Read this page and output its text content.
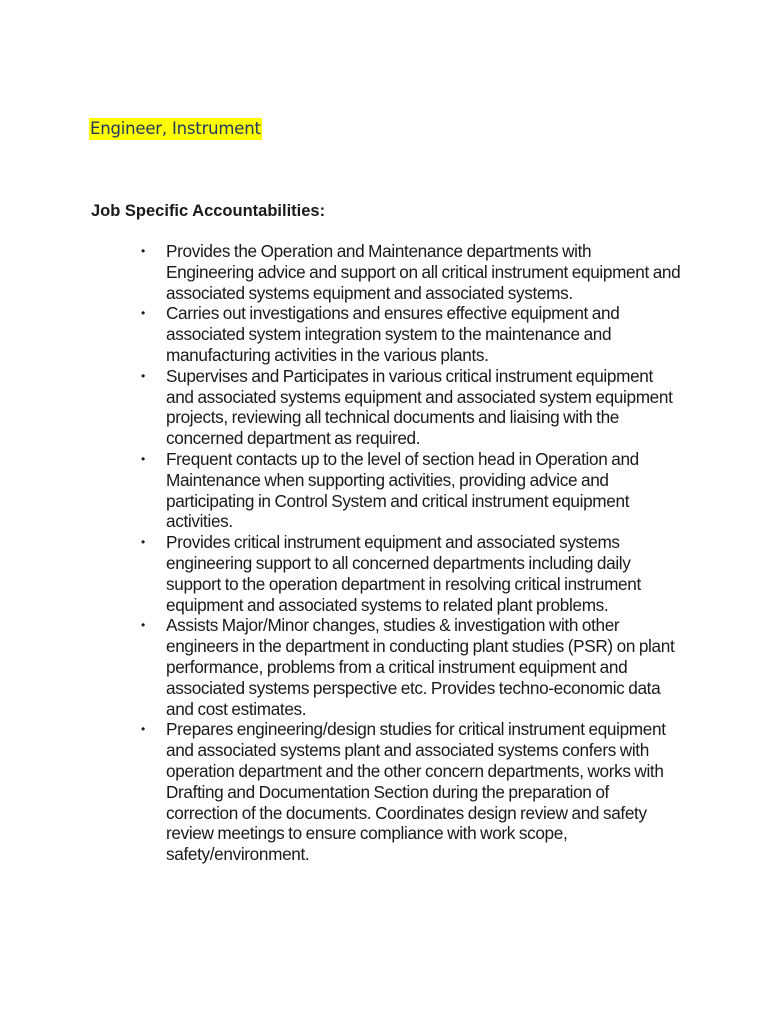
Engineer, Instrument
Job Specific Accountabilities:
•	Provides the Operation and Maintenance departments with Engineering advice and support on all critical instrument equipment and associated systems equipment and associated systems.
•	Carries out investigations and ensures effective equipment and associated system integration system to the maintenance and manufacturing activities in the various plants.
•	Supervises and Participates in various critical instrument equipment and associated systems equipment and associated system equipment projects, reviewing all technical documents and liaising with the concerned department as required.
•	Frequent contacts up to the level of section head in Operation and Maintenance when supporting activities, providing advice and participating in Control System and critical instrument equipment activities.
•	Provides critical instrument equipment and associated systems engineering support to all concerned departments including daily support to the operation department in resolving critical instrument equipment and associated systems to related plant problems.
•	Assists Major/Minor changes, studies & investigation with other engineers in the department in conducting plant studies (PSR) on plant performance, problems from a critical instrument equipment and associated systems perspective etc. Provides techno-economic data and cost estimates.
•	Prepares engineering/design studies for critical instrument equipment and associated systems plant and associated systems confers with operation department and the other concern departments, works with Drafting and Documentation Section during the preparation of correction of the documents. Coordinates design review and safety review meetings to ensure compliance with work scope, safety/environment.
